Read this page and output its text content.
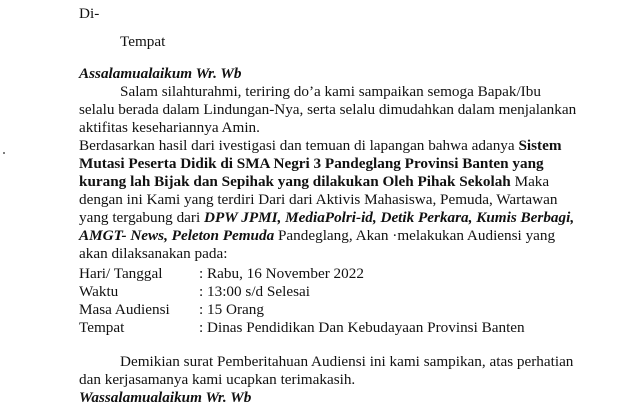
Di-
Tempat
Assalamualaikum Wr. Wb
Salam silahturahmi, teriring do’a kami sampaikan semoga Bapak/Ibu
selalu berada dalam Lindungan-Nya, serta selalu dimudahkan dalam menjalankan
aktifitas kesehariannya Amin.
Berdasarkan hasil dari ivestigasi dan temuan di lapangan bahwa adanya Sistem
Mutasi Peserta Didik di SMA Negri 3 Pandeglang Provinsi Banten yang
kurang lah Bijak dan Sepihak yang dilakukan Oleh Pihak Sekolah Maka
dengan ini Kami yang terdiri Dari dari Aktivis Mahasiswa, Pemuda, Wartawan
yang tergabung dari DPW JPMI, MediaPolri-id, Detik Perkara, Kumis Berbagi,
AMGT- News, Peleton Pemuda Pandeglang, Akan ·melakukan Audiensi yang
akan dilaksanakan pada:
Hari/ Tanggal : Rabu, 16 November 2022
Waktu	: 13:00 s/d Selesai
Masa Audiensi : 15 Orang
Tempat	: Dinas Pendidikan Dan Kebudayaan Provinsi Banten
Demikian surat Pemberitahuan Audiensi ini kami sampikan, atas perhatian
dan kerjasamanya kami ucapkan terimakasih.
Wassalamualaikum Wr. Wb
